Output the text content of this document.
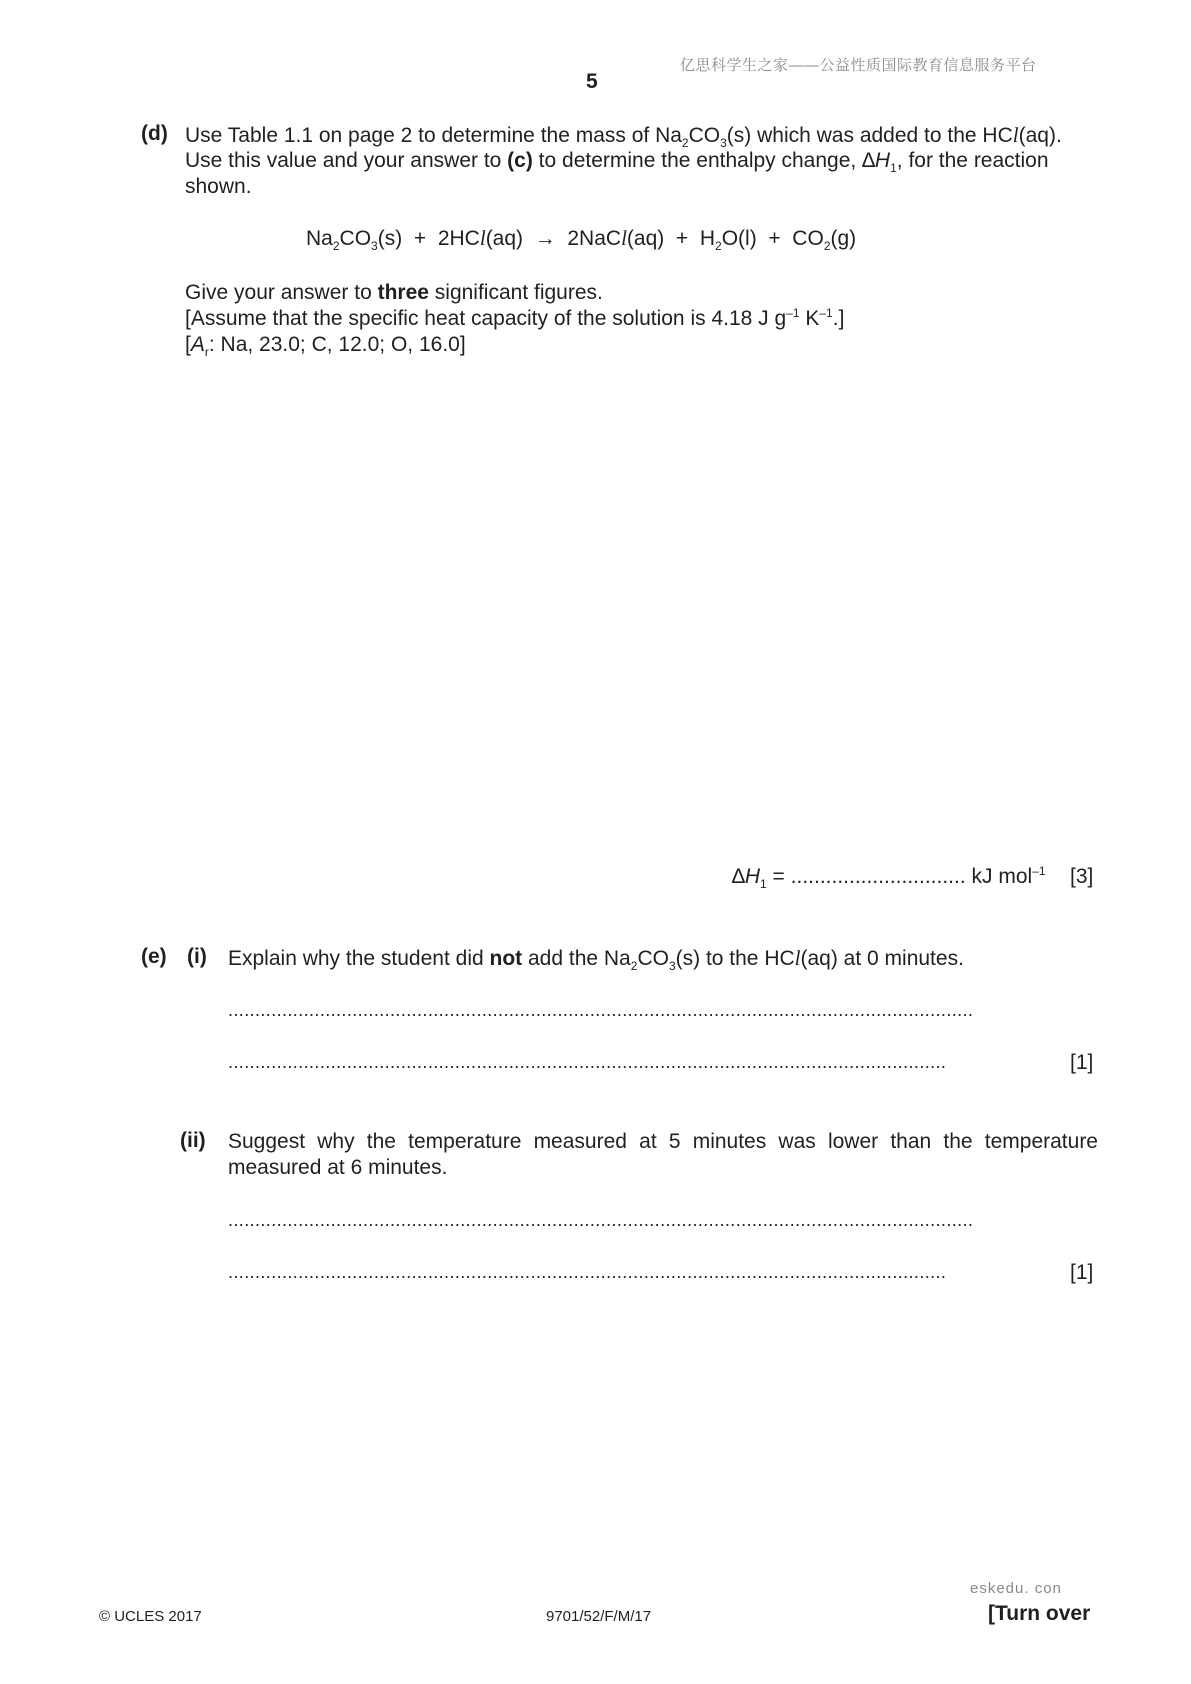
亿思科学生之家——公益性质国际教育信息服务平台
5
(d) Use Table 1.1 on page 2 to determine the mass of $Na_2CO_3(s)$ which was added to the HCl(aq).
Use this value and your answer to (c) to determine the enthalpy change, $\Delta H_1$, for the reaction
shown.
$Na_2CO_3(s) + 2HCl(aq)$  →  2NaCl(aq)  +  $H_2O(l) + CO_2(g)$
Give your answer to three significant figures.
[Assume that the specific heat capacity of the solution is 4.18 J $g^{-1}$ $K^{-1}$.]
[$A_r$: Na, 23.0; C, 12.0; O, 16.0]
$\Delta H_1$ = .............................. kJ mol$^{-1}$ [3]
(e) (i) Explain why the student did not add the $Na_2CO_3(s)$ to the HCl(aq) at 0 minutes.
..........................................................................................................................................
.....................................................................................................................................	[1]
(ii) Suggest why the temperature measured at 5 minutes was lower than the temperature
measured at 6 minutes.
..........................................................................................................................................
.....................................................................................................................................	[1]
eskedu. con
© UCLES 2017	9701/52/F/M/17	[Turn over
